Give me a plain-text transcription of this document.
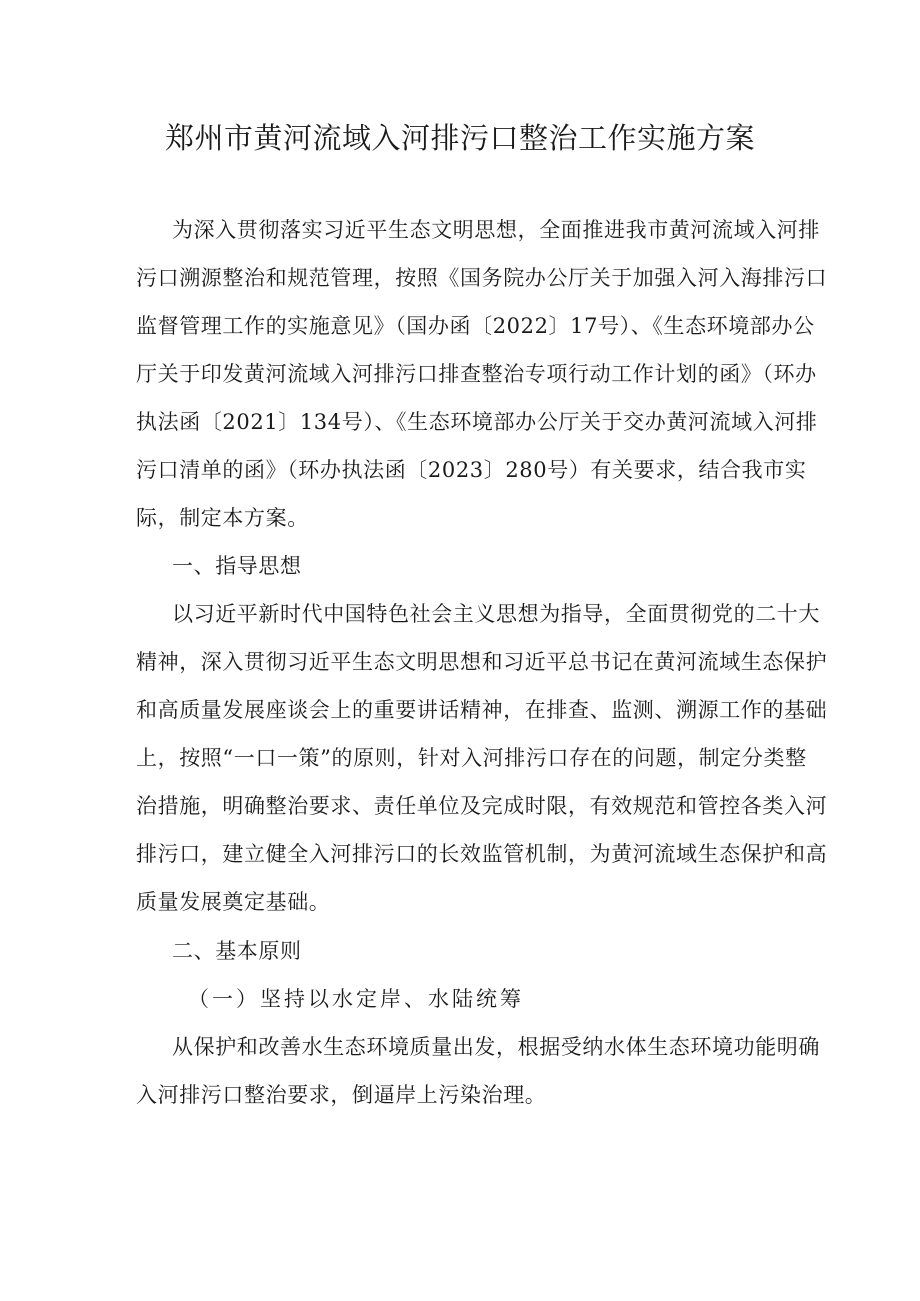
郑州市黄河流域入河排污口整治工作实施方案

为深入贯彻落实习近平生态文明思想，全面推进我市黄河流域入河排

污口溯源整治和规范管理，按照《国务院办公厅关于加强入河入海排污口

监督管理工作的实施意见》（国办函〔2022〕17号）、《生态环境部办公

厅关于印发黄河流域入河排污口排查整治专项行动工作计划的函》（环办

执法函〔2021〕134号）、《生态环境部办公厅关于交办黄河流域入河排

污口清单的函》（环办执法函〔2023〕280号）有关要求，结合我市实

际，制定本方案。

一、指导思想

以习近平新时代中国特色社会主义思想为指导，全面贯彻党的二十大

精神，深入贯彻习近平生态文明思想和习近平总书记在黄河流域生态保护

和高质量发展座谈会上的重要讲话精神，在排查、监测、溯源工作的基础

上，按照“一口一策”的原则，针对入河排污口存在的问题，制定分类整

治措施，明确整治要求、责任单位及完成时限，有效规范和管控各类入河

排污口，建立健全入河排污口的长效监管机制，为黄河流域生态保护和高

质量发展奠定基础。

二、基本原则

（一）坚持以水定岸、水陆统筹

从保护和改善水生态环境质量出发，根据受纳水体生态环境功能明确

入河排污口整治要求，倒逼岸上污染治理。
